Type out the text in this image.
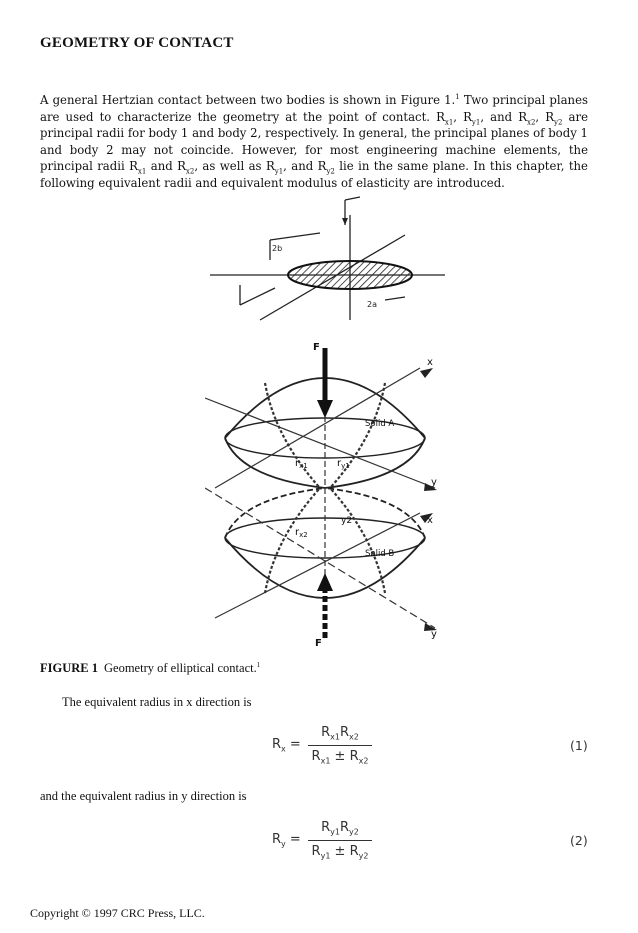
GEOMETRY OF CONTACT
A general Hertzian contact between two bodies is shown in Figure 1.$^1$ Two principal planes are used to characterize the geometry at the point of contact. $R_{x1}$, $R_{y1}$, and $R_{x2}$, $R_{y2}$ are principal radii for body 1 and body 2, respectively. In general, the principal planes of body 1 and body 2 may not coincide. However, for most engineering machine elements, the principal radii $R_{x1}$ and $R_{x2}$, as well as $R_{y1}$, and $R_{y2}$ lie in the same plane. In this chapter, the following equivalent radii and equivalent modulus of elasticity are introduced.
2b
2a
F
F
x
y
x
y
Solid A
Solid B
$r_{x1}$	$r_{y1}$
$r_{x2}$
y2
FIGURE 1 Geometry of elliptical contact.$^1$
The equivalent radius in x direction is
$R_x$ =
$R_{x1}R_{x2}$
$R_{x1} \pm R_{x2}$
(1)
and the equivalent radius in y direction is
$R_y$ =
$R_{y1}R_{y2}$
$R_{y1} \pm R_{y2}$
(2)
Copyright © 1997 CRC Press, LLC.
